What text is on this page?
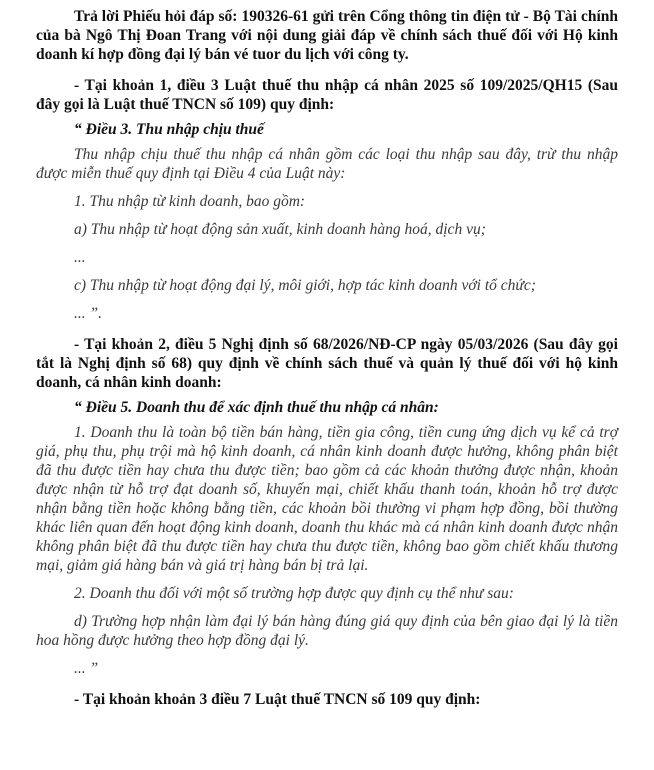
Trả lời Phiếu hỏi đáp số: 190326-61 gửi trên Cổng thông tin điện tử - Bộ Tài chính của bà Ngô Thị Đoan Trang với nội dung giải đáp về chính sách thuế đối với Hộ kinh doanh kí hợp đồng đại lý bán vé tuor du lịch với công ty.

- Tại khoản 1, điều 3 Luật thuế thu nhập cá nhân 2025 số 109/2025/QH15 (Sau đây gọi là Luật thuế TNCN số 109) quy định:

“ Điều 3. Thu nhập chịu thuế

Thu nhập chịu thuế thu nhập cá nhân gồm các loại thu nhập sau đây, trừ thu nhập được miễn thuế quy định tại Điều 4 của Luật này:

1. Thu nhập từ kinh doanh, bao gồm:

a) Thu nhập từ hoạt động sản xuất, kinh doanh hàng hoá, dịch vụ;

...

c) Thu nhập từ hoạt động đại lý, môi giới, hợp tác kinh doanh với tổ chức;

... ”.

- Tại khoản 2, điều 5 Nghị định số 68/2026/NĐ-CP ngày 05/03/2026 (Sau đây gọi tắt là Nghị định số 68) quy định về chính sách thuế và quản lý thuế đối với hộ kinh doanh, cá nhân kinh doanh:

“ Điều 5. Doanh thu để xác định thuế thu nhập cá nhân:

1. Doanh thu là toàn bộ tiền bán hàng, tiền gia công, tiền cung ứng dịch vụ kể cả trợ giá, phụ thu, phụ trội mà hộ kinh doanh, cá nhân kinh doanh được hưởng, không phân biệt đã thu được tiền hay chưa thu được tiền; bao gồm cả các khoản thưởng được nhận, khoản được nhận từ hỗ trợ đạt doanh số, khuyến mại, chiết khấu thanh toán, khoản hỗ trợ được nhận bằng tiền hoặc không bằng tiền, các khoản bồi thường vi phạm hợp đồng, bồi thường khác liên quan đến hoạt động kinh doanh, doanh thu khác mà cá nhân kinh doanh được nhận không phân biệt đã thu được tiền hay chưa thu được tiền, không bao gồm chiết khấu thương mại, giảm giá hàng bán và giá trị hàng bán bị trả lại.

2. Doanh thu đối với một số trường hợp được quy định cụ thể như sau:

d) Trường hợp nhận làm đại lý bán hàng đúng giá quy định của bên giao đại lý là tiền hoa hồng được hưởng theo hợp đồng đại lý.

... ”

- Tại khoản khoản 3 điều 7 Luật thuế TNCN số 109 quy định:
